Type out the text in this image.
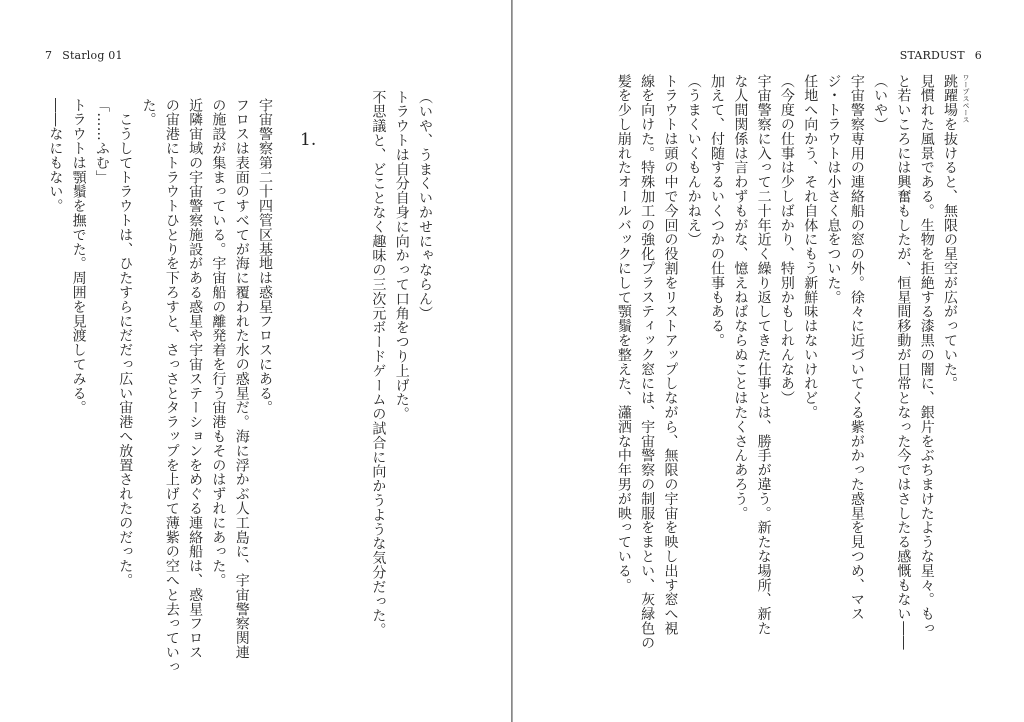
7 Starlog 01
（いや、うまくいかせにゃならん）
トラウトは自分自身に向かって口角をつり上げた。
不思議と、どことなく趣味の三次元ボードゲームの試合に向かうような気分だった。
1.
宇宙警察第二十四管区基地は惑星フロスにある。
フロスは表面のすべてが海に覆われた水の惑星だ。海に浮かぶ人工島に、宇宙警察関連
の施設が集まっている。宇宙船の離発着を行う宙港もそのはずれにあった。
近隣宙域の宇宙警察施設がある惑星や宇宙ステーションをめぐる連絡船は、惑星フロス
の宙港にトラウトひとりを下ろすと、さっさとタラップを上げて薄紫の空へと去っていっ
た。
　こうしてトラウトは、ひたすらにだだっ広い宙港へ放置されたのだった。
「……ふむ」
トラウトは顎鬚を撫でた。周囲を見渡してみる。
――なにもない。
STARDUST 6
跳躍場 ワープスペース
を抜けると、無限の星空が広がっていた。
見慣れた風景である。生物を拒絶する漆黒の闇に、銀片をぶちまけたような星々。もっ
と若いころには興奮もしたが、恒星間移動が日常となった今ではさしたる感慨もない――
（いや）
宇宙警察専用の連絡船の窓の外。徐々に近づいてくる紫がかった惑星を見つめ、マス
ジ・トラウトは小さく息をついた。
任地へ向かう、それ自体にもう新鮮味はないけれど。
（今度の仕事は少しばかり、特別かもしれんなあ）
宇宙警察に入って二十年近く繰り返してきた仕事とは、勝手が違う。新たな場所、新た
な人間関係は言わずもがな、憶えねばならぬことはたくさんあろう。
加えて、付随するいくつかの仕事もある。
（うまくいくもんかねえ）
トラウトは頭の中で今回の役割をリストアップしながら、無限の宇宙を映し出す窓へ視
線を向けた。特殊加工の強化プラスティック窓には、宇宙警察の制服をまとい、灰緑色の
髪を少し崩れたオールバックにして顎鬚を整えた、瀟洒な中年男が映っている。
